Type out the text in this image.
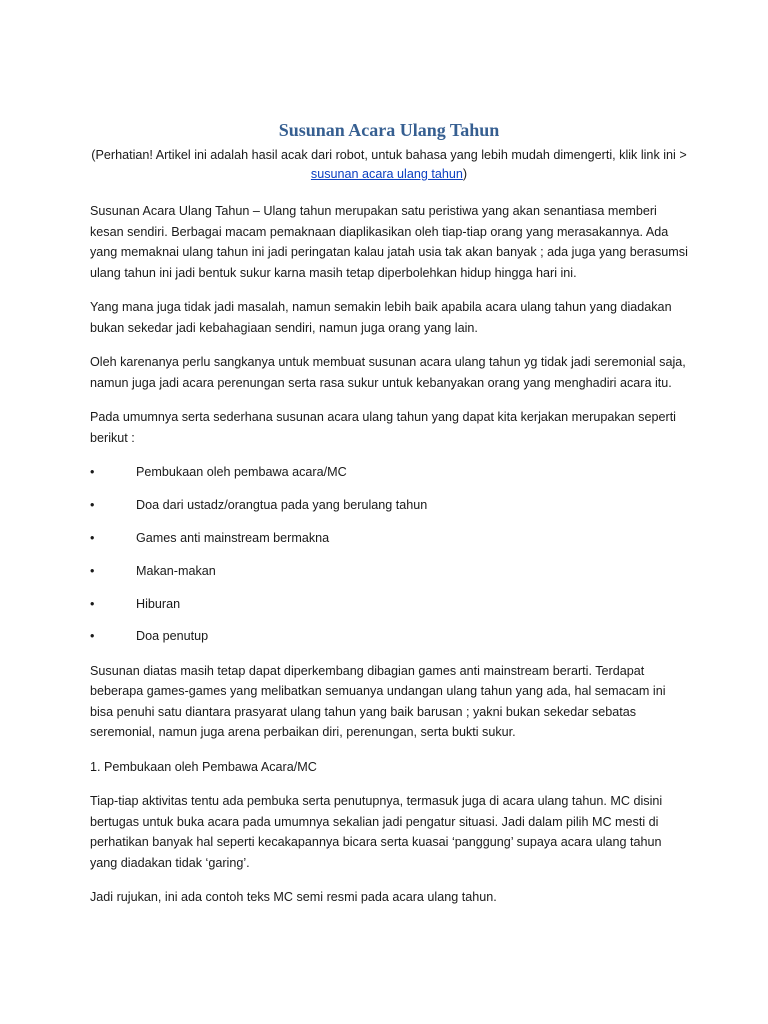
Susunan Acara Ulang Tahun
(Perhatian! Artikel ini adalah hasil acak dari robot, untuk bahasa yang lebih mudah dimengerti, klik link ini > susunan acara ulang tahun)

Susunan Acara Ulang Tahun – Ulang tahun merupakan satu peristiwa yang akan senantiasa memberi kesan sendiri. Berbagai macam pemaknaan diaplikasikan oleh tiap-tiap orang yang merasakannya. Ada yang memaknai ulang tahun ini jadi peringatan kalau jatah usia tak akan banyak ; ada juga yang berasumsi ulang tahun ini jadi bentuk sukur karna masih tetap diperbolehkan hidup hingga hari ini.

Yang mana juga tidak jadi masalah, namun semakin lebih baik apabila acara ulang tahun yang diadakan bukan sekedar jadi kebahagiaan sendiri, namun juga orang yang lain.

Oleh karenanya perlu sangkanya untuk membuat susunan acara ulang tahun yg tidak jadi seremonial saja, namun juga jadi acara perenungan serta rasa sukur untuk kebanyakan orang yang menghadiri acara itu.

Pada umumnya serta sederhana susunan acara ulang tahun yang dapat kita kerjakan merupakan seperti berikut :

•	Pembukaan oleh pembawa acara/MC
•	Doa dari ustadz/orangtua pada yang berulang tahun
•	Games anti mainstream bermakna
•	Makan-makan
•	Hiburan
•	Doa penutup

Susunan diatas masih tetap dapat diperkembang dibagian games anti mainstream berarti. Terdapat beberapa games-games yang melibatkan semuanya undangan ulang tahun yang ada, hal semacam ini bisa penuhi satu diantara prasyarat ulang tahun yang baik barusan ; yakni bukan sekedar sebatas seremonial, namun juga arena perbaikan diri, perenungan, serta bukti sukur.

1. Pembukaan oleh Pembawa Acara/MC

Tiap-tiap aktivitas tentu ada pembuka serta penutupnya, termasuk juga di acara ulang tahun. MC disini bertugas untuk buka acara pada umumnya sekalian jadi pengatur situasi. Jadi dalam pilih MC mesti di perhatikan banyak hal seperti kecakapannya bicara serta kuasai ‘panggung’ supaya acara ulang tahun yang diadakan tidak ‘garing’.

Jadi rujukan, ini ada contoh teks MC semi resmi pada acara ulang tahun.
